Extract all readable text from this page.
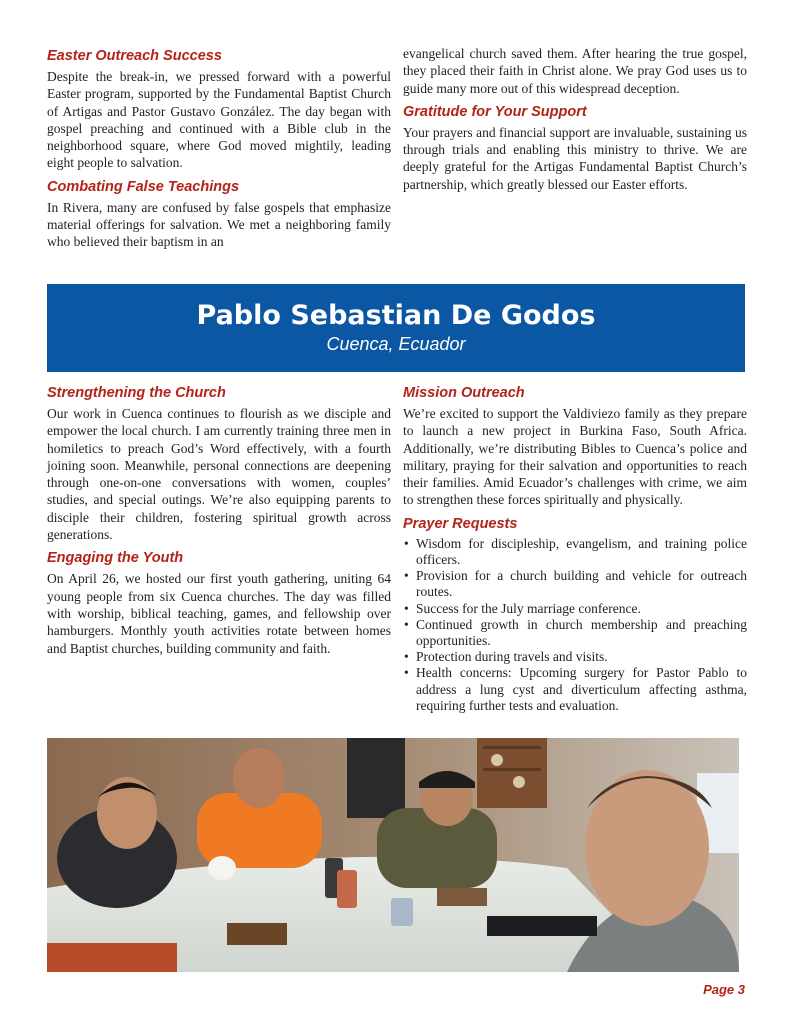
Easter Outreach Success

Despite the break-in, we pressed forward with a powerful Easter program, supported by the Fundamental Baptist Church of Artigas and Pastor Gustavo González. The day began with gospel preaching and continued with a Bible club in the neighborhood square, where God moved mightily, leading eight people to salvation.

Combating False Teachings

In Rivera, many are confused by false gospels that emphasize material offerings for salvation. We met a neighboring family who believed their baptism in an

evangelical church saved them. After hearing the true gospel, they placed their faith in Christ alone. We pray God uses us to guide many more out of this widespread deception.

Gratitude for Your Support

Your prayers and financial support are invaluable, sustaining us through trials and enabling this ministry to thrive. We are deeply grateful for the Artigas Fundamental Baptist Church’s partnership, which greatly blessed our Easter efforts.

Pablo Sebastian De Godos
Cuenca, Ecuador
Strengthening the Church

Our work in Cuenca continues to flourish as we disciple and empower the local church. I am currently training three men in homiletics to preach God’s Word effectively, with a fourth joining soon. Meanwhile, personal connections are deepening through one-on-one conversations with women, couples’ studies, and special outings. We’re also equipping parents to disciple their children, fostering spiritual growth across generations.

Engaging the Youth

On April 26, we hosted our first youth gathering, uniting 64 young people from six Cuenca churches. The day was filled with worship, biblical teaching, games, and fellowship over hamburgers. Monthly youth activities rotate between homes and Baptist churches, building community and faith.

Mission Outreach

We’re excited to support the Valdiviezo family as they prepare to launch a new project in Burkina Faso, South Africa. Additionally, we’re distributing Bibles to Cuenca’s police and military, praying for their salvation and opportunities to reach their families. Amid Ecuador’s challenges with crime, we aim to strengthen these forces spiritually and physically.

Prayer Requests
• Wisdom for discipleship, evangelism, and training police officers.
• Provision for a church building and vehicle for outreach routes.
• Success for the July marriage conference.
• Continued growth in church membership and preaching opportunities.
• Protection during travels and visits.
• Health concerns: Upcoming surgery for Pastor Pablo to address a lung cyst and diverticulum affecting asthma, requiring further tests and evaluation.
Page 3
